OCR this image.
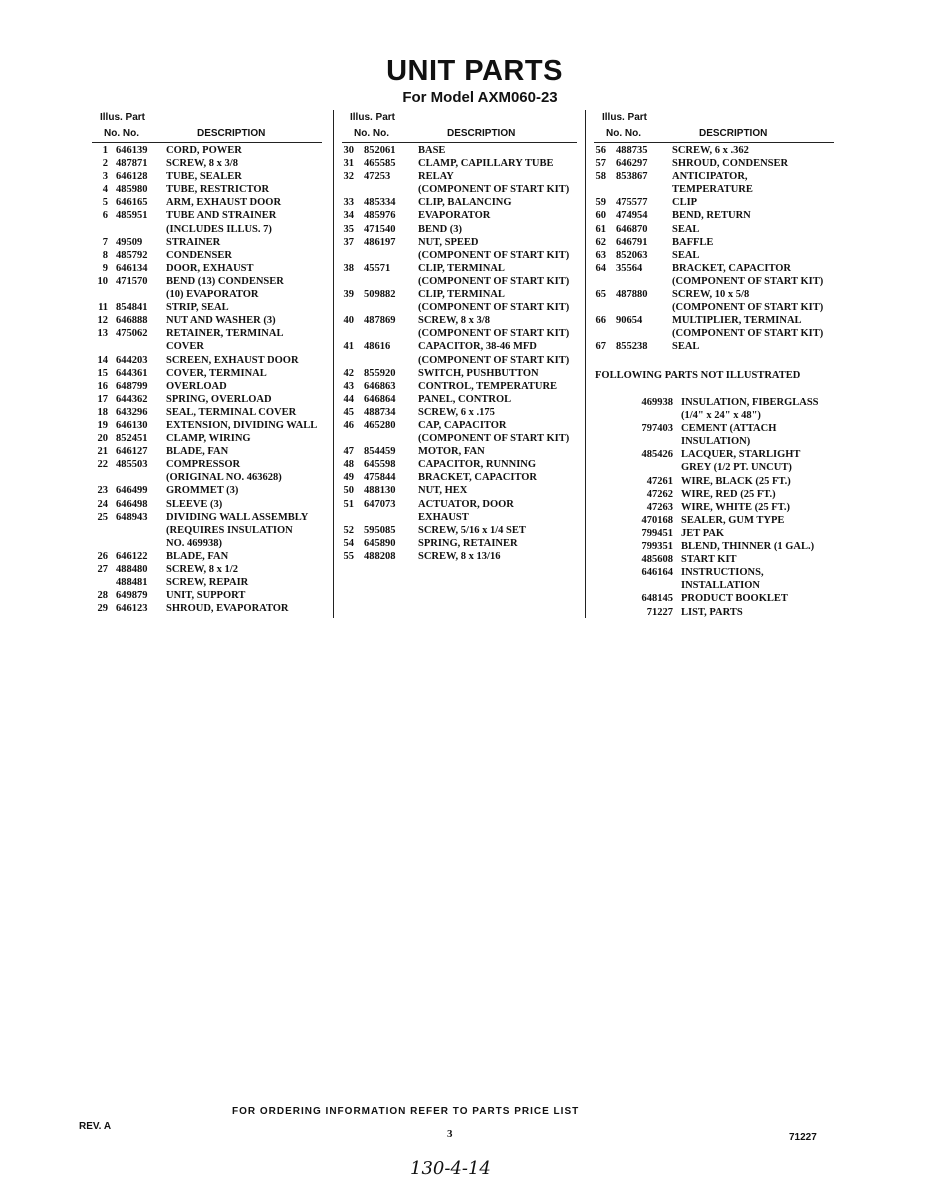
UNIT PARTS
For Model AXM060-23
Illus. Part
No. No.	DESCRIPTION
1 646139	CORD, POWER
2 487871	SCREW, 8 x 3/8
3 646128	TUBE, SEALER
4 485980	TUBE, RESTRICTOR
5 646165	ARM, EXHAUST DOOR
6 485951	TUBE AND STRAINER
(INCLUDES ILLUS. 7)
7 49509	STRAINER
8 485792	CONDENSER
9 646134	DOOR, EXHAUST
10 471570	BEND (13) CONDENSER
(10) EVAPORATOR
11 854841	STRIP, SEAL
12 646888	NUT AND WASHER (3)
13 475062	RETAINER, TERMINAL
COVER
14 644203	SCREEN, EXHAUST DOOR
15 644361	COVER, TERMINAL
16 648799	OVERLOAD
17 644362	SPRING, OVERLOAD
18 643296	SEAL, TERMINAL COVER
19 646130	EXTENSION, DIVIDING WALL
20 852451	CLAMP, WIRING
21 646127	BLADE, FAN
22 485503	COMPRESSOR
(ORIGINAL NO. 463628)
23 646499	GROMMET (3)
24 646498	SLEEVE (3)
25 648943	DIVIDING WALL ASSEMBLY
(REQUIRES INSULATION
NO. 469938)
26 646122	BLADE, FAN
27 488480	SCREW, 8 x 1/2
488481	SCREW, REPAIR
28 649879	UNIT, SUPPORT
29 646123	SHROUD, EVAPORATOR
Illus. Part
No. No.	DESCRIPTION
30 852061	BASE
31 465585	CLAMP, CAPILLARY TUBE
32 47253	RELAY
(COMPONENT OF START KIT)
33 485334	CLIP, BALANCING
34 485976	EVAPORATOR
35 471540	BEND (3)
37 486197	NUT, SPEED
(COMPONENT OF START KIT)
38 45571	CLIP, TERMINAL
(COMPONENT OF START KIT)
39 509882	CLIP, TERMINAL
(COMPONENT OF START KIT)
40 487869	SCREW, 8 x 3/8
(COMPONENT OF START KIT)
41 48616	CAPACITOR, 38-46 MFD
(COMPONENT OF START KIT)
42 855920	SWITCH, PUSHBUTTON
43 646863	CONTROL, TEMPERATURE
44 646864	PANEL, CONTROL
45 488734	SCREW, 6 x .175
46 465280	CAP, CAPACITOR
(COMPONENT OF START KIT)
47 854459	MOTOR, FAN
48 645598	CAPACITOR, RUNNING
49 475844	BRACKET, CAPACITOR
50 488130	NUT, HEX
51 647073	ACTUATOR, DOOR
EXHAUST
52 595085	SCREW, 5/16 x 1/4 SET
54 645890	SPRING, RETAINER
55 488208	SCREW, 8 x 13/16
Illus. Part
No. No.	DESCRIPTION
56 488735	SCREW, 6 x .362
57 646297	SHROUD, CONDENSER
58 853867	ANTICIPATOR,
TEMPERATURE
59 475577	CLIP
60 474954	BEND, RETURN
61 646870	SEAL
62 646791	BAFFLE
63 852063	SEAL
64 35564	BRACKET, CAPACITOR
(COMPONENT OF START KIT)
65 487880	SCREW, 10 x 5/8
(COMPONENT OF START KIT)
66 90654	MULTIPLIER, TERMINAL
(COMPONENT OF START KIT)
67 855238	SEAL
FOLLOWING PARTS NOT ILLUSTRATED
469938 INSULATION, FIBERGLASS
(1/4" x 24" x 48")
797403 CEMENT (ATTACH
INSULATION)
485426 LACQUER, STARLIGHT
GREY (1/2 PT. UNCUT)
47261 WIRE, BLACK (25 FT.)
47262 WIRE, RED (25 FT.)
47263 WIRE, WHITE (25 FT.)
470168 SEALER, GUM TYPE
799451 JET PAK
799351 BLEND, THINNER (1 GAL.)
485608 START KIT
646164 INSTRUCTIONS,
INSTALLATION
648145 PRODUCT BOOKLET
71227 LIST, PARTS
FOR ORDERING INFORMATION REFER TO PARTS PRICE LIST
REV. A
3	71227
130-4-14
